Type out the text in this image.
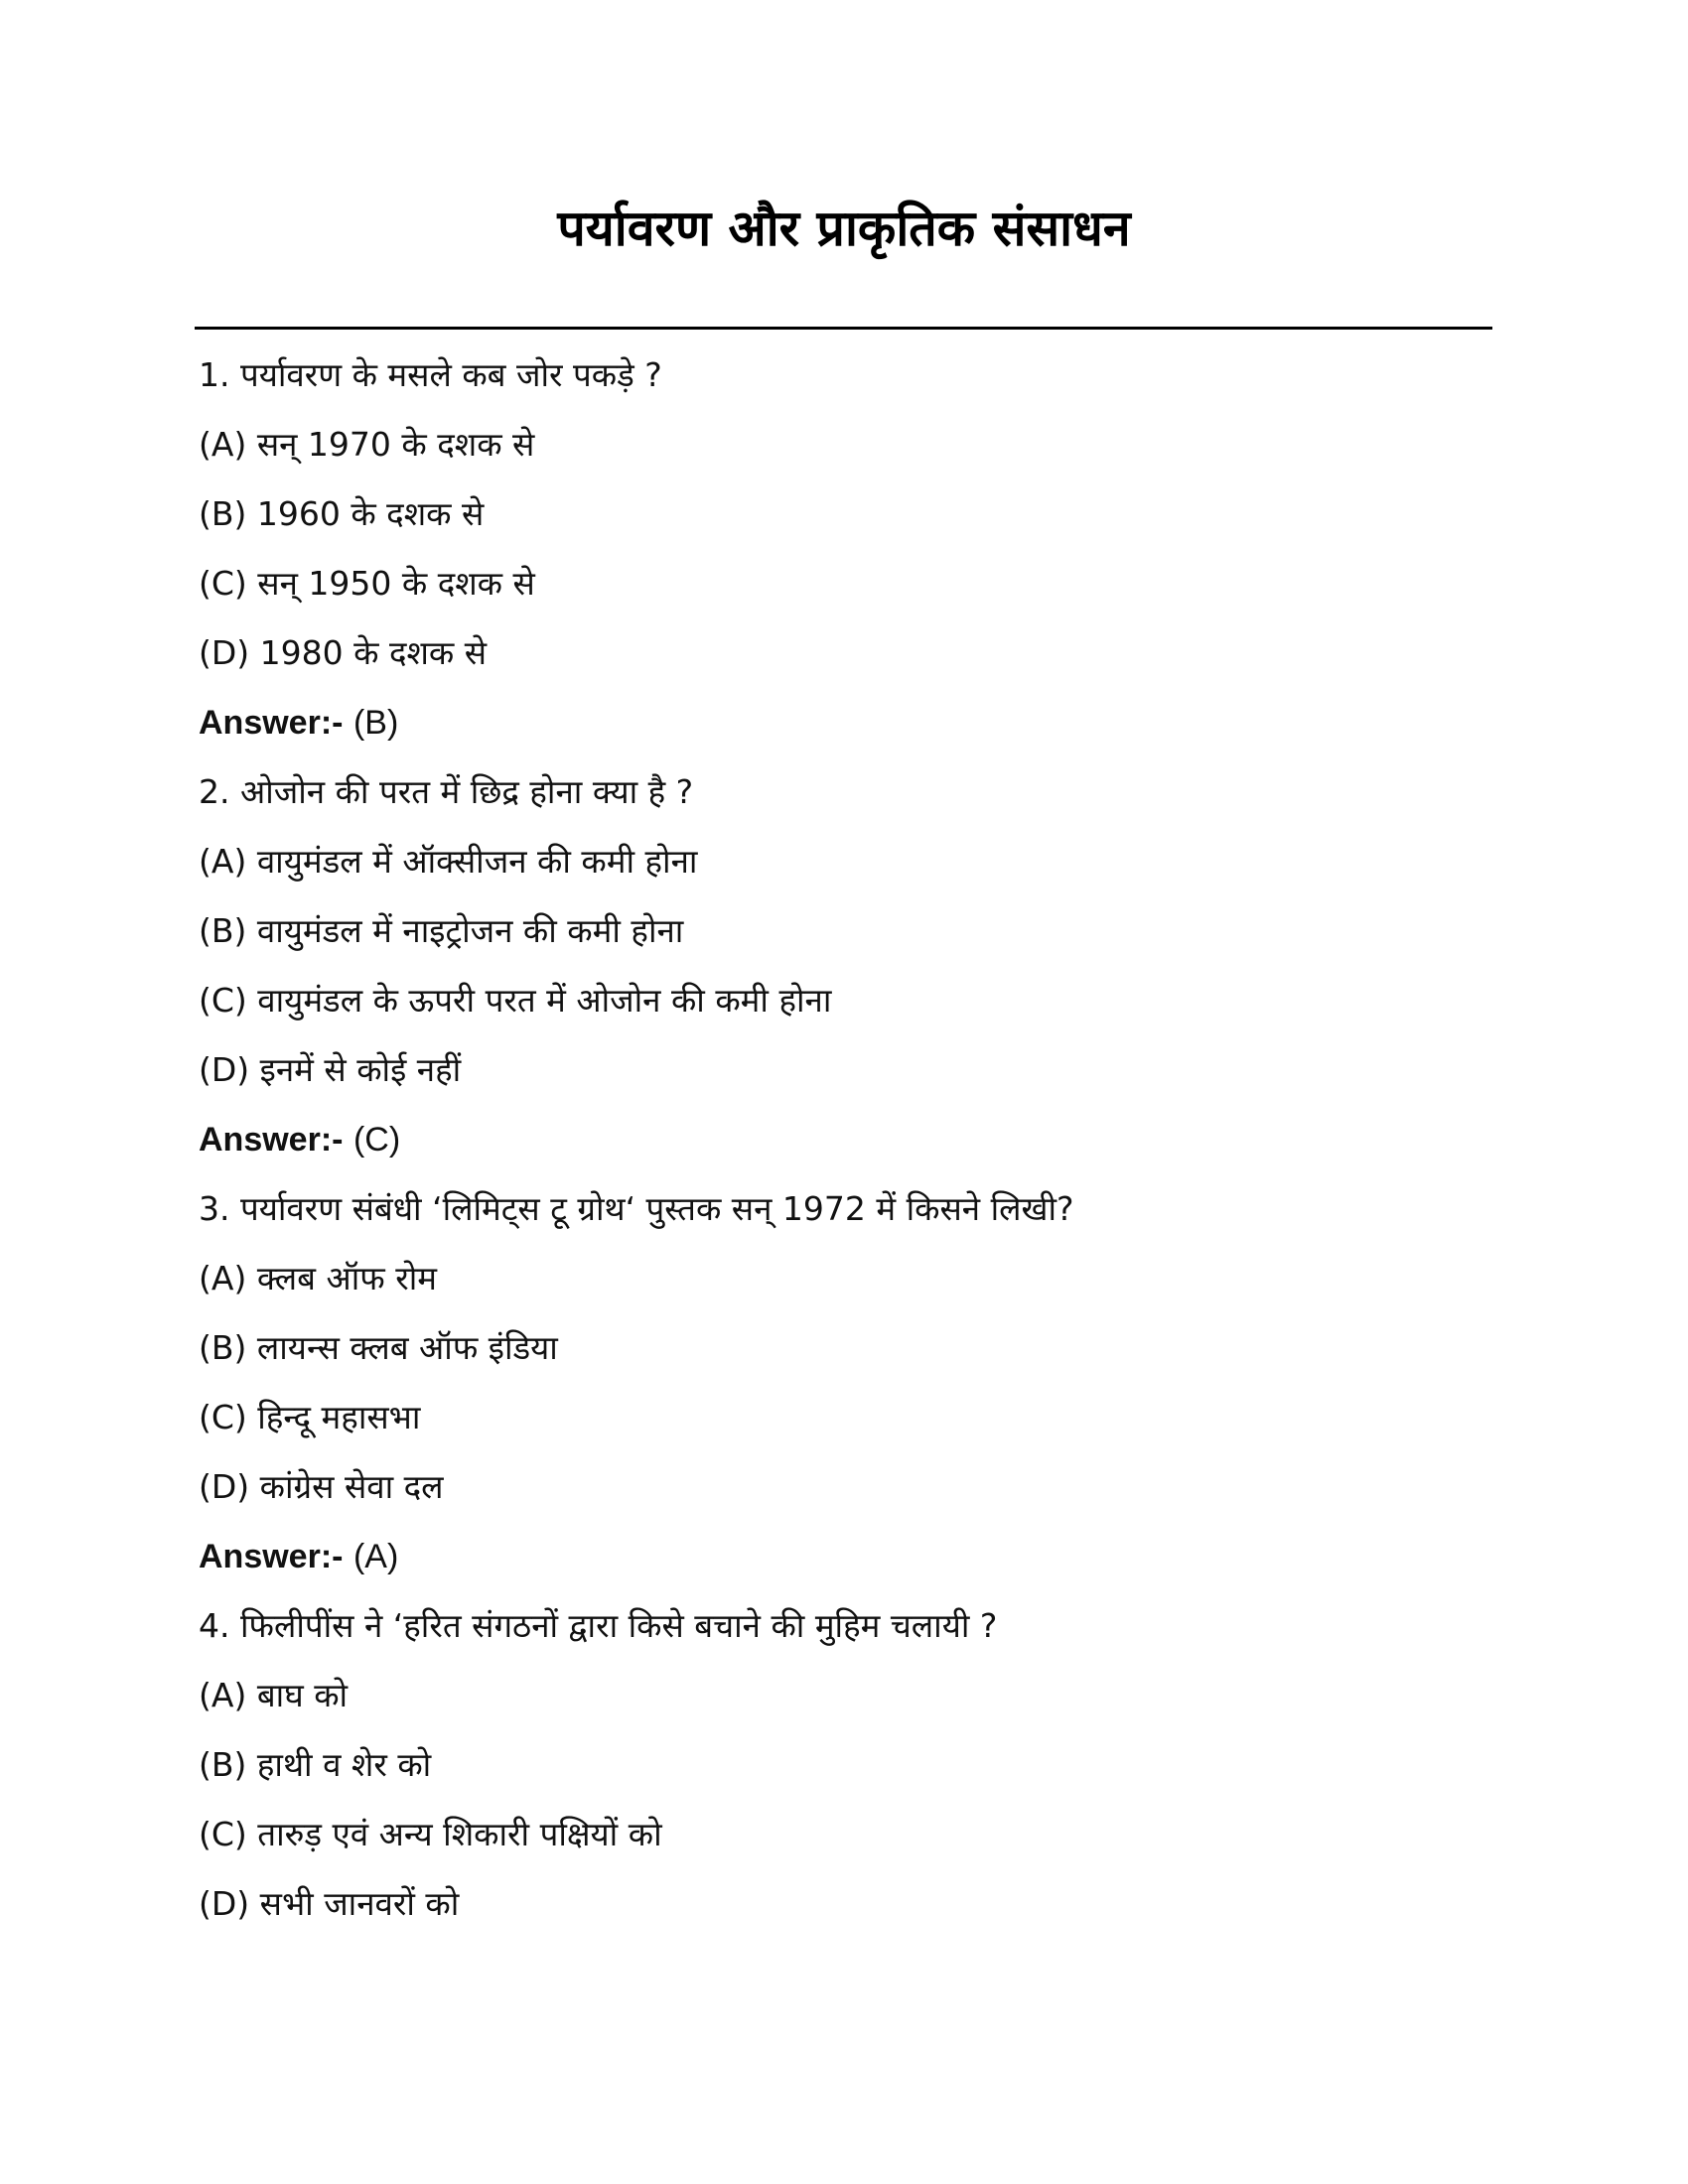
पर्यावरण और प्राकृतिक संसाधन
1. पर्यावरण के मसले कब जोर पकड़े ?
(A) सन् 1970 के दशक से
(B) 1960 के दशक से
(C) सन् 1950 के दशक से
(D) 1980 के दशक से
Answer:- (B)
2. ओजोन की परत में छिद्र होना क्या है ?
(A) वायुमंडल में ऑक्सीजन की कमी होना
(B) वायुमंडल में नाइट्रोजन की कमी होना
(C) वायुमंडल के ऊपरी परत में ओजोन की कमी होना
(D) इनमें से कोई नहीं
Answer:- (C)
3. पर्यावरण संबंधी ‘लिमिट्स टू ग्रोथ‘ पुस्तक सन् 1972 में किसने लिखी?
(A) क्लब ऑफ रोम
(B) लायन्स क्लब ऑफ इंडिया
(C) हिन्दू महासभा
(D) कांग्रेस सेवा दल
Answer:- (A)
4. फिलीपींस ने ‘हरित संगठनों द्वारा किसे बचाने की मुहिम चलायी ?
(A) बाघ को
(B) हाथी व शेर को
(C) तारुड़ एवं अन्य शिकारी पक्षियों को
(D) सभी जानवरों को
